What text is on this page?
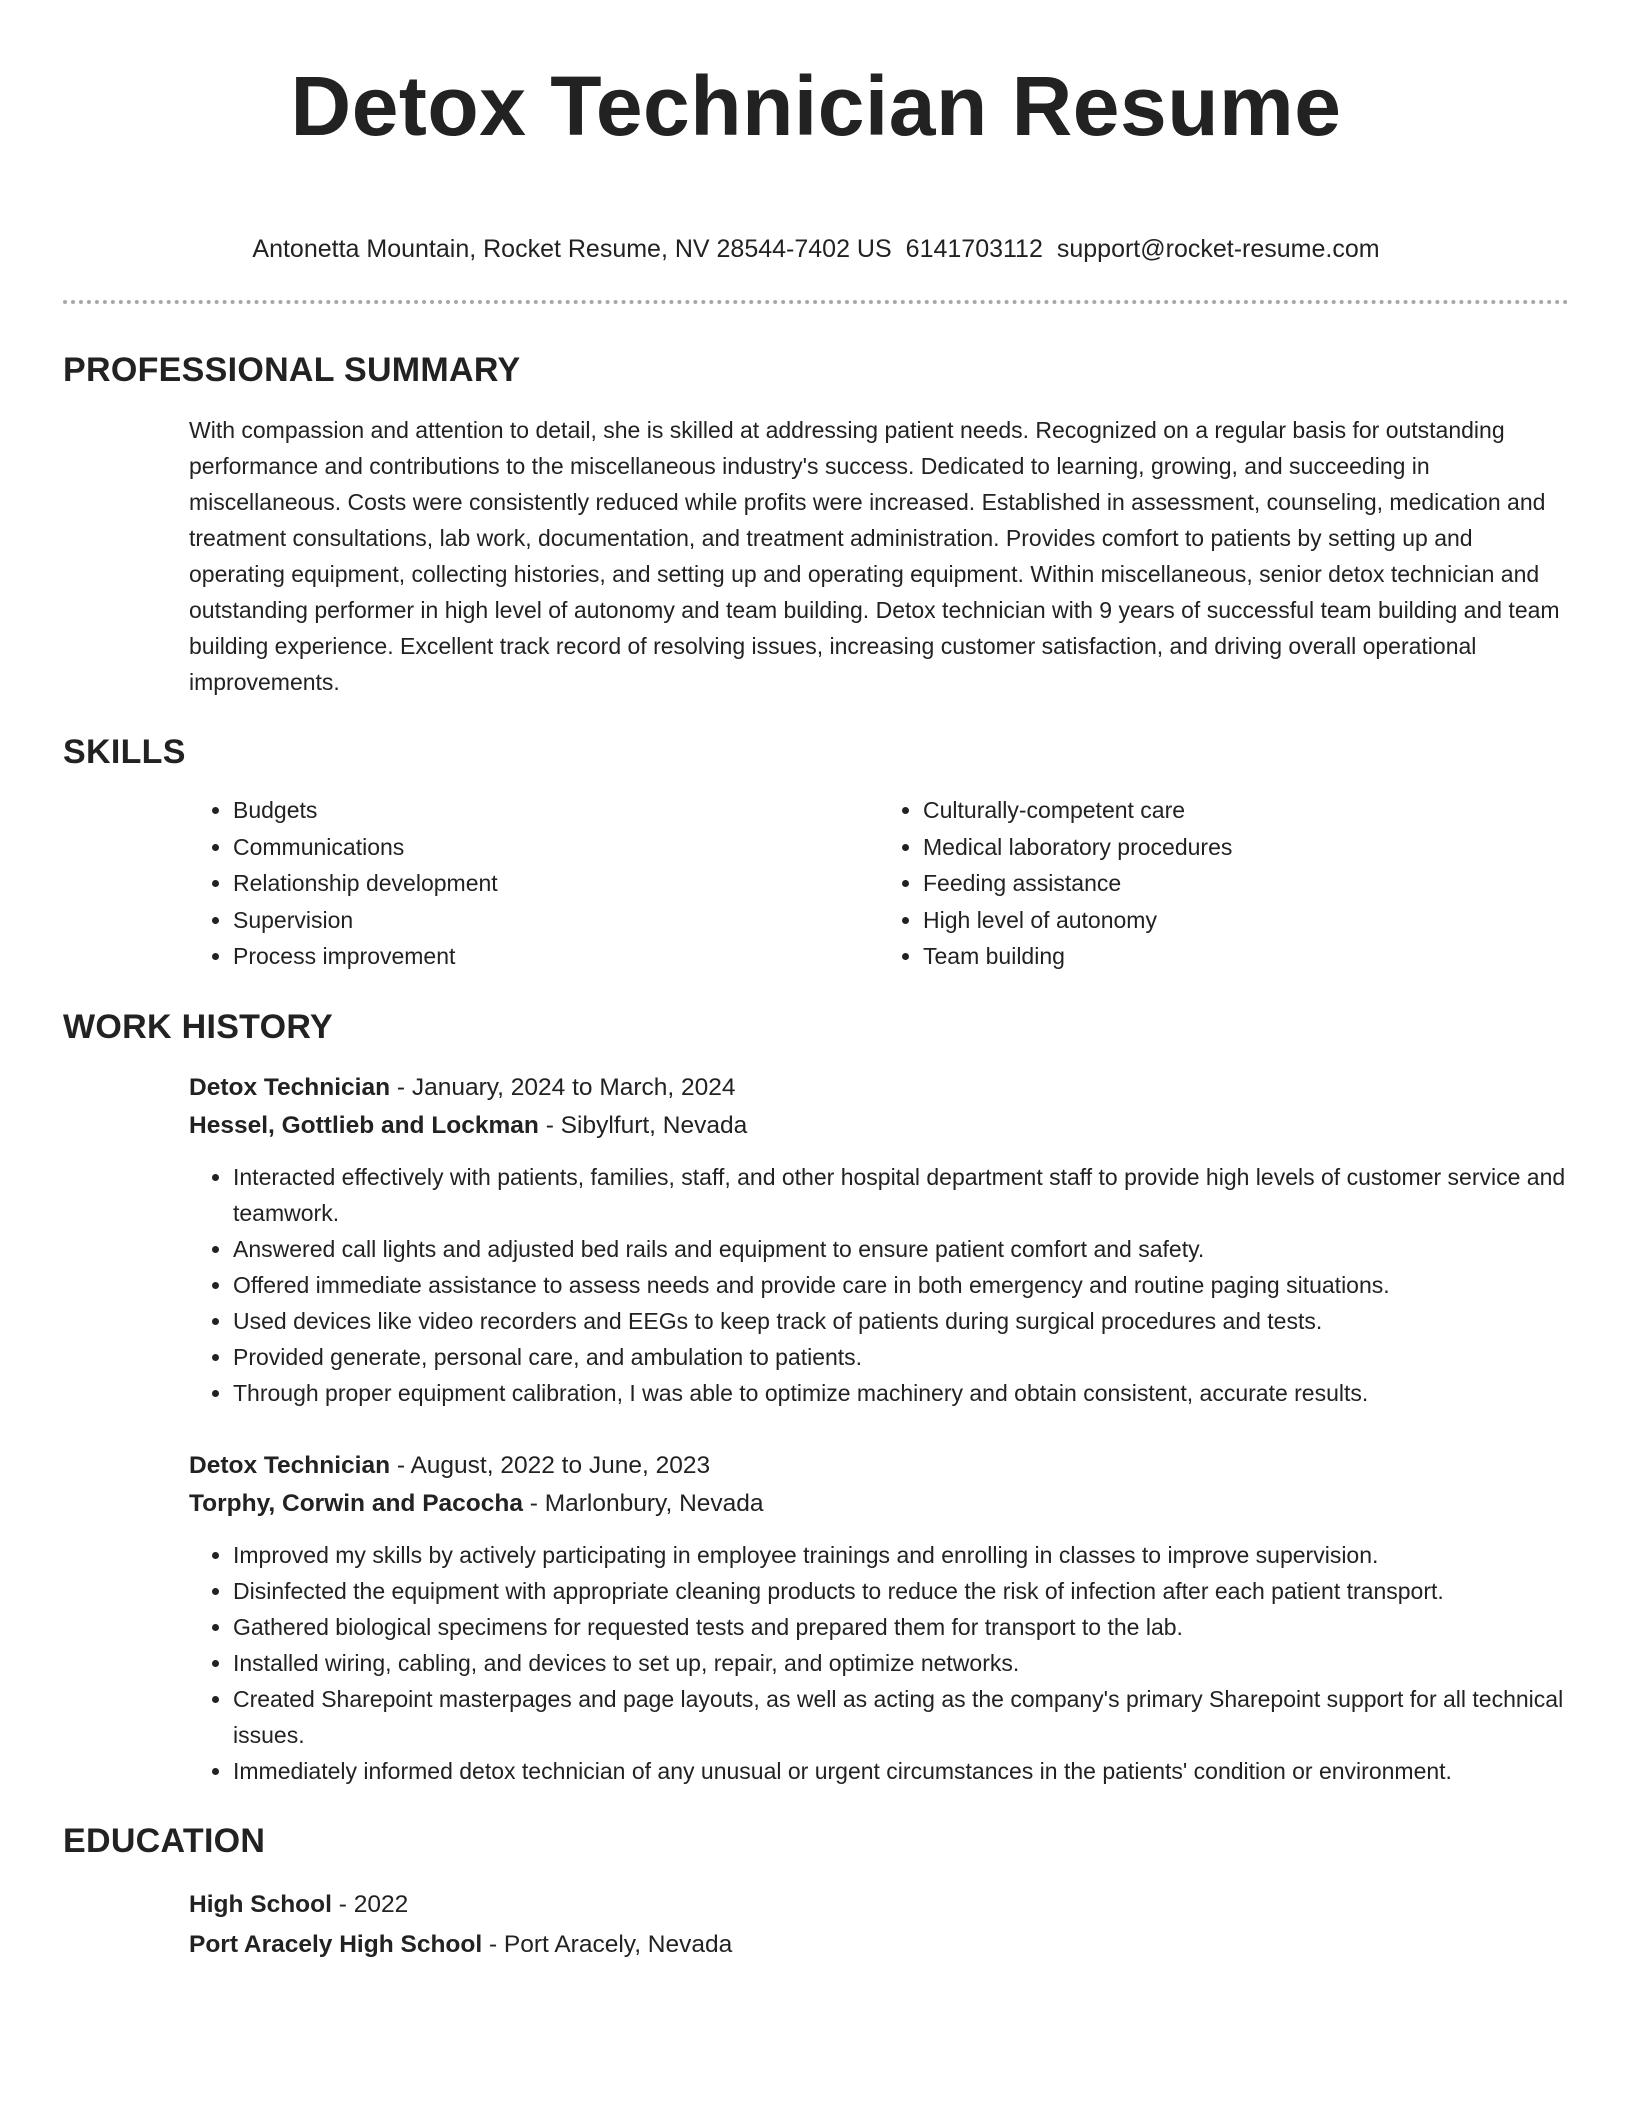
Detox Technician Resume
Antonetta Mountain, Rocket Resume, NV 28544-7402 US 6141703112 support@rocket-resume.com
PROFESSIONAL SUMMARY
With compassion and attention to detail, she is skilled at addressing patient needs. Recognized on a regular basis for outstanding performance and contributions to the miscellaneous industry's success. Dedicated to learning, growing, and succeeding in miscellaneous. Costs were consistently reduced while profits were increased. Established in assessment, counseling, medication and treatment consultations, lab work, documentation, and treatment administration. Provides comfort to patients by setting up and operating equipment, collecting histories, and setting up and operating equipment. Within miscellaneous, senior detox technician and outstanding performer in high level of autonomy and team building. Detox technician with 9 years of successful team building and team building experience. Excellent track record of resolving issues, increasing customer satisfaction, and driving overall operational improvements.
SKILLS
• Budgets
• Communications
• Relationship development
• Supervision
• Process improvement
• Culturally-competent care
• Medical laboratory procedures
• Feeding assistance
• High level of autonomy
• Team building
WORK HISTORY
Detox Technician - January, 2024 to March, 2024
Hessel, Gottlieb and Lockman - Sibylfurt, Nevada
• Interacted effectively with patients, families, staff, and other hospital department staff to provide high levels of customer service and teamwork.
• Answered call lights and adjusted bed rails and equipment to ensure patient comfort and safety.
• Offered immediate assistance to assess needs and provide care in both emergency and routine paging situations.
• Used devices like video recorders and EEGs to keep track of patients during surgical procedures and tests.
• Provided generate, personal care, and ambulation to patients.
• Through proper equipment calibration, I was able to optimize machinery and obtain consistent, accurate results.
Detox Technician - August, 2022 to June, 2023
Torphy, Corwin and Pacocha - Marlonbury, Nevada
• Improved my skills by actively participating in employee trainings and enrolling in classes to improve supervision.
• Disinfected the equipment with appropriate cleaning products to reduce the risk of infection after each patient transport.
• Gathered biological specimens for requested tests and prepared them for transport to the lab.
• Installed wiring, cabling, and devices to set up, repair, and optimize networks.
• Created Sharepoint masterpages and page layouts, as well as acting as the company's primary Sharepoint support for all technical issues.
• Immediately informed detox technician of any unusual or urgent circumstances in the patients' condition or environment.
EDUCATION
High School - 2022
Port Aracely High School - Port Aracely, Nevada
